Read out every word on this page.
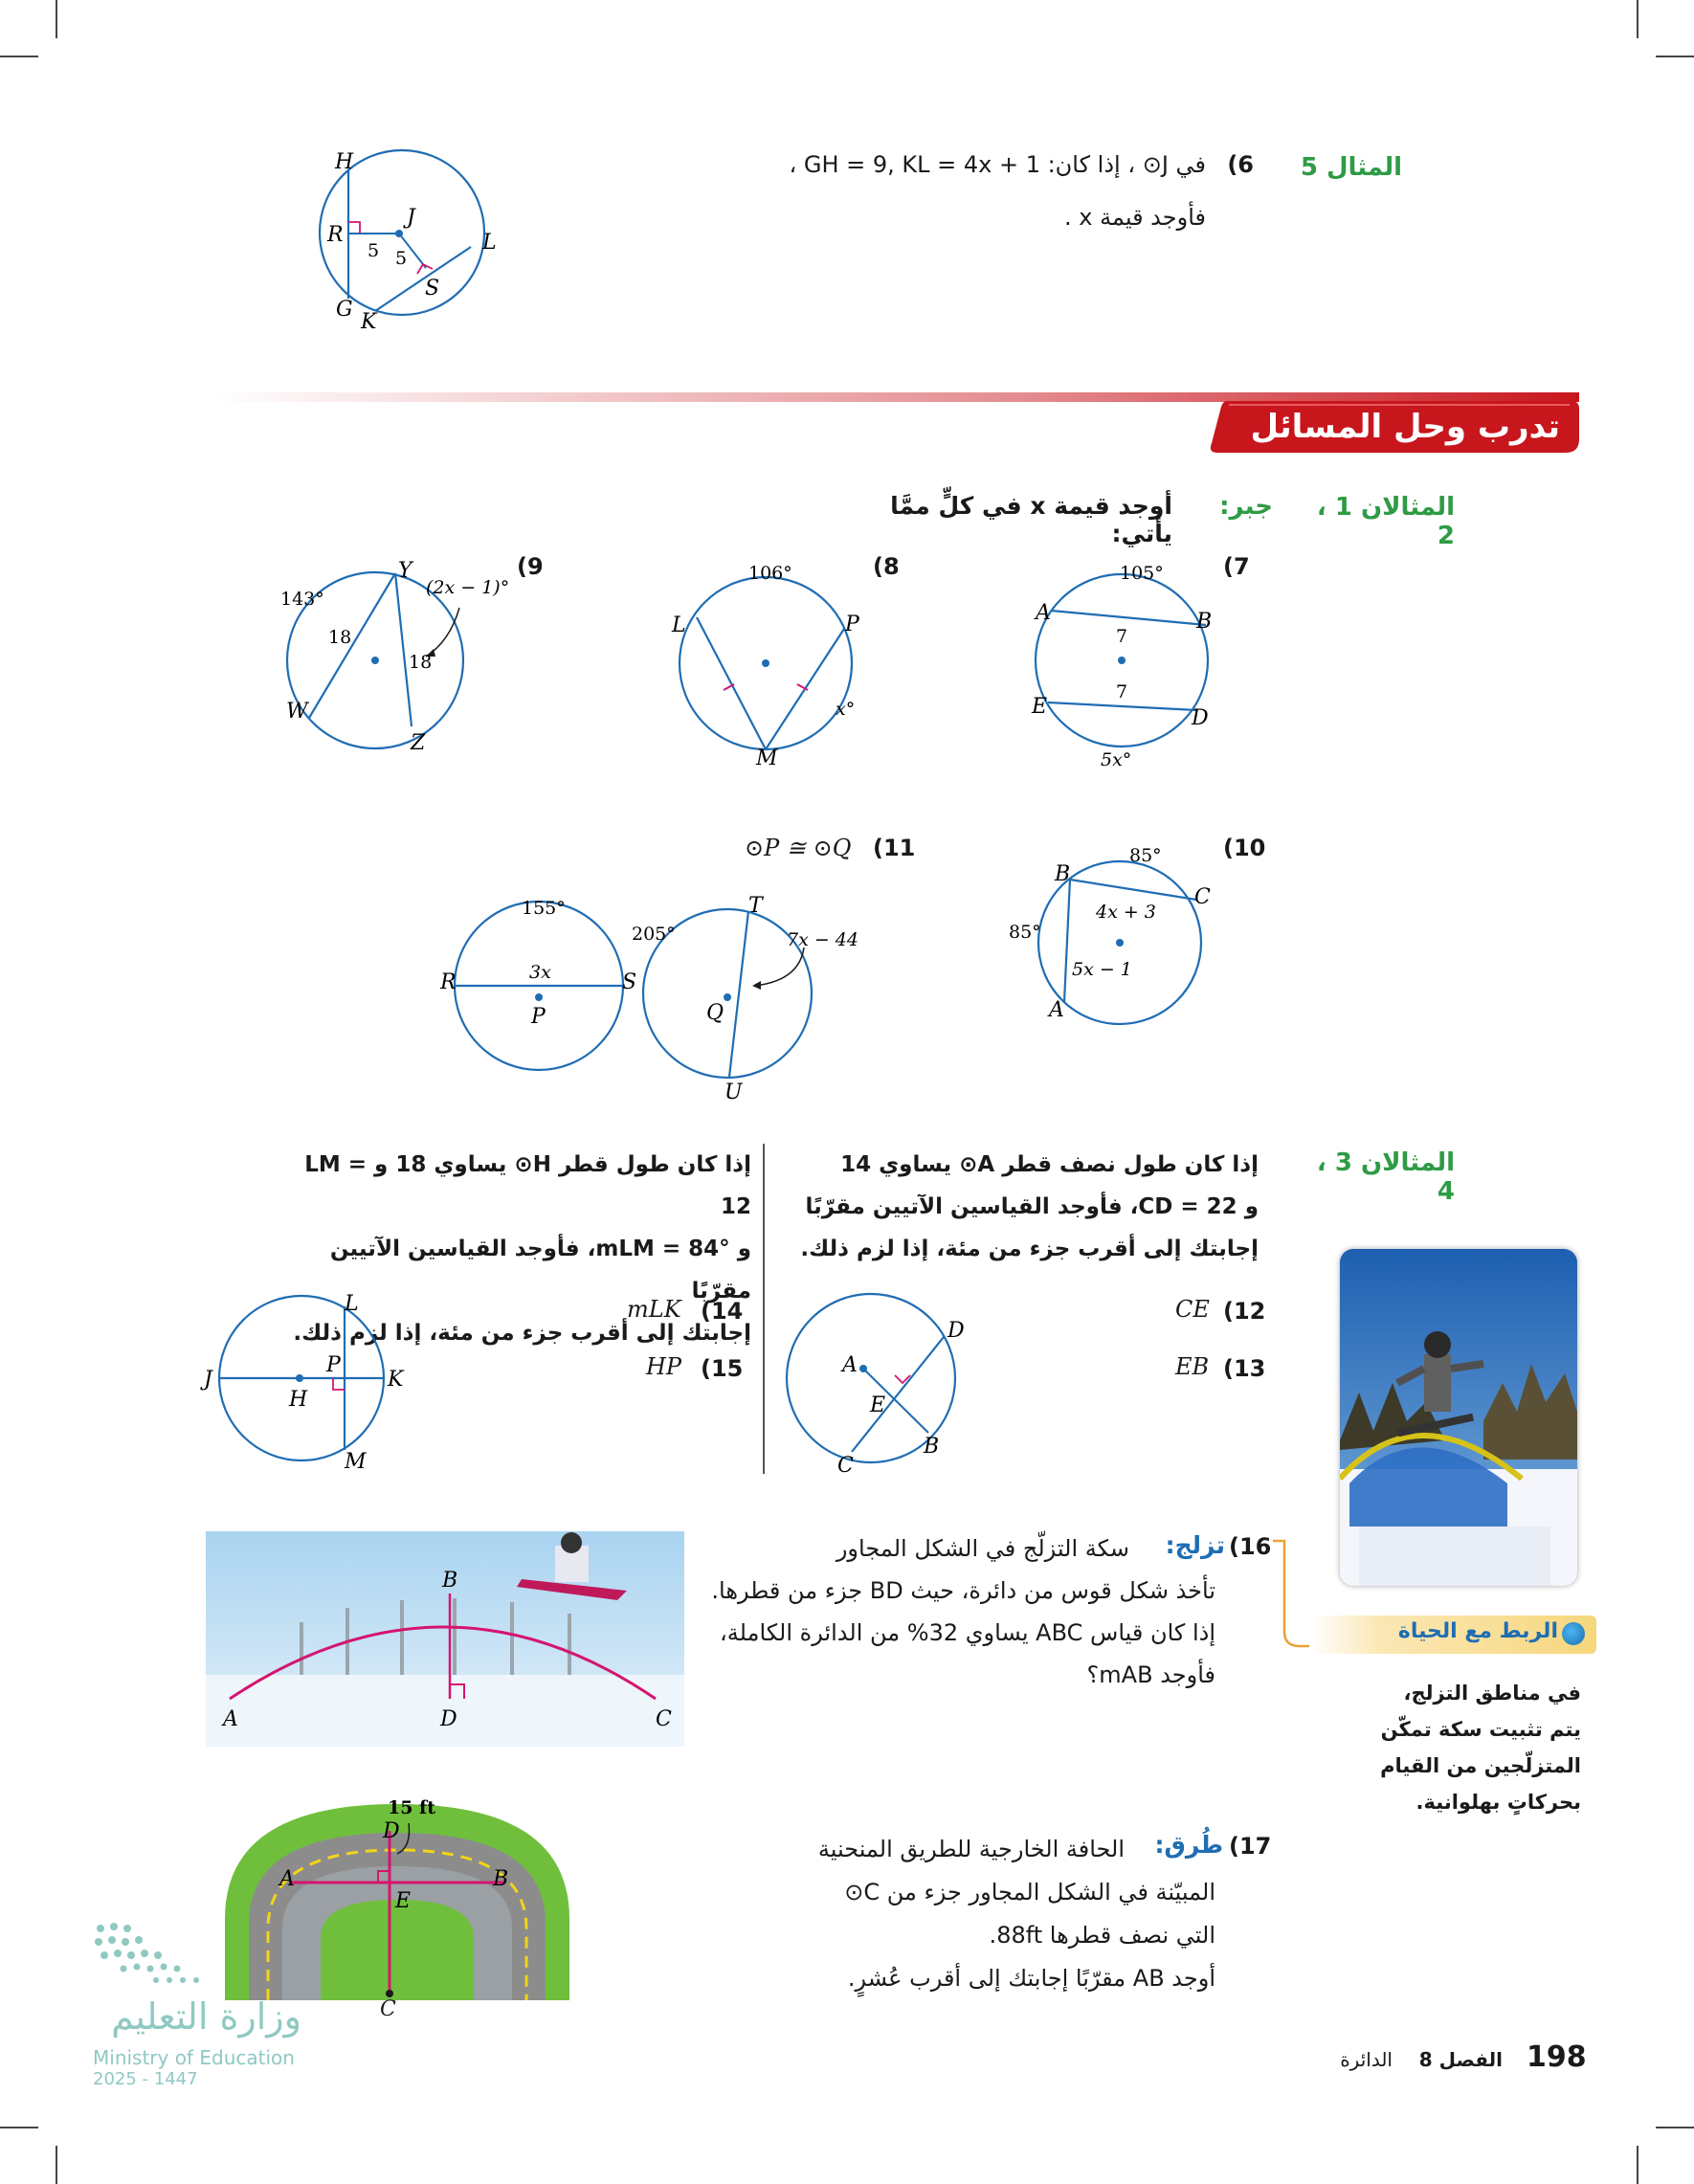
المثال 5
6)
في J⊙ ، إذا كان: GH = 9, KL = 4x + 1 ،
فأوجد قيمة x .
H
R
J
L
G
K
S
5 5
تدرب وحل المسائل
المثالان 1 ، 2
جبر:
أوجد قيمة x في كلٍّ ممَّا يأتي:
(7
105°
A	B
E	D
7
7
5x°
(8
106°
L	P
M
x°
(9
143°
Y
(2x − 1)°
W
Z
18
18
(10
85°
B
C
85°
A
4x + 3
5x − 1
(11
⊙P ≅ ⊙Q
155°
R	S
3x
P
205°
T
7x − 44
Q
U
المثالان 3 ، 4
إذا كان طول نصف قطر A⊙ يساوي 14
و CD = 22، فأوجد القياسين الآتيين مقرّبًا
إجابتك إلى أقرب جزء من مئة، إذا لزم ذلك.
إذا كان طول قطر H⊙ يساوي 18 و LM = 12
و mLM = 84°، فأوجد القياسين الآتيين مقرّبًا
إجابتك إلى أقرب جزء من مئة، إذا لزم ذلك.
(12
CE
(13
EB
(14
mLK
(15
HP	A
D
E
B
C
L
J
P
H
K
M
الربط مع الحياة
في مناطق التزلج،
يتم تثبيت سكة تمكّن
المتزلّجين من القيام
بحركاتٍ بهلوانية.
(16
تزلج:
سكة التزلّج في الشكل المجاور
تأخذ شكل قوس من دائرة، حيث BD جزء من قطرها.
إذا كان قياس ABC يساوي 32% من الدائرة الكاملة،
فأوجد mAB؟
B
A	D	C
(17
طُرق:
الحافة الخارجية للطريق المنحنية
المبيّنة في الشكل المجاور جزء من C⊙
التي نصف قطرها 88ft.
أوجد AB مقرّبًا إجابتك إلى أقرب عُشرٍ.
15 ft
D
A	B
E
C
وزارة التعليم
Ministry of Education
2025 - 1447
198
الفصل 8
الدائرة
